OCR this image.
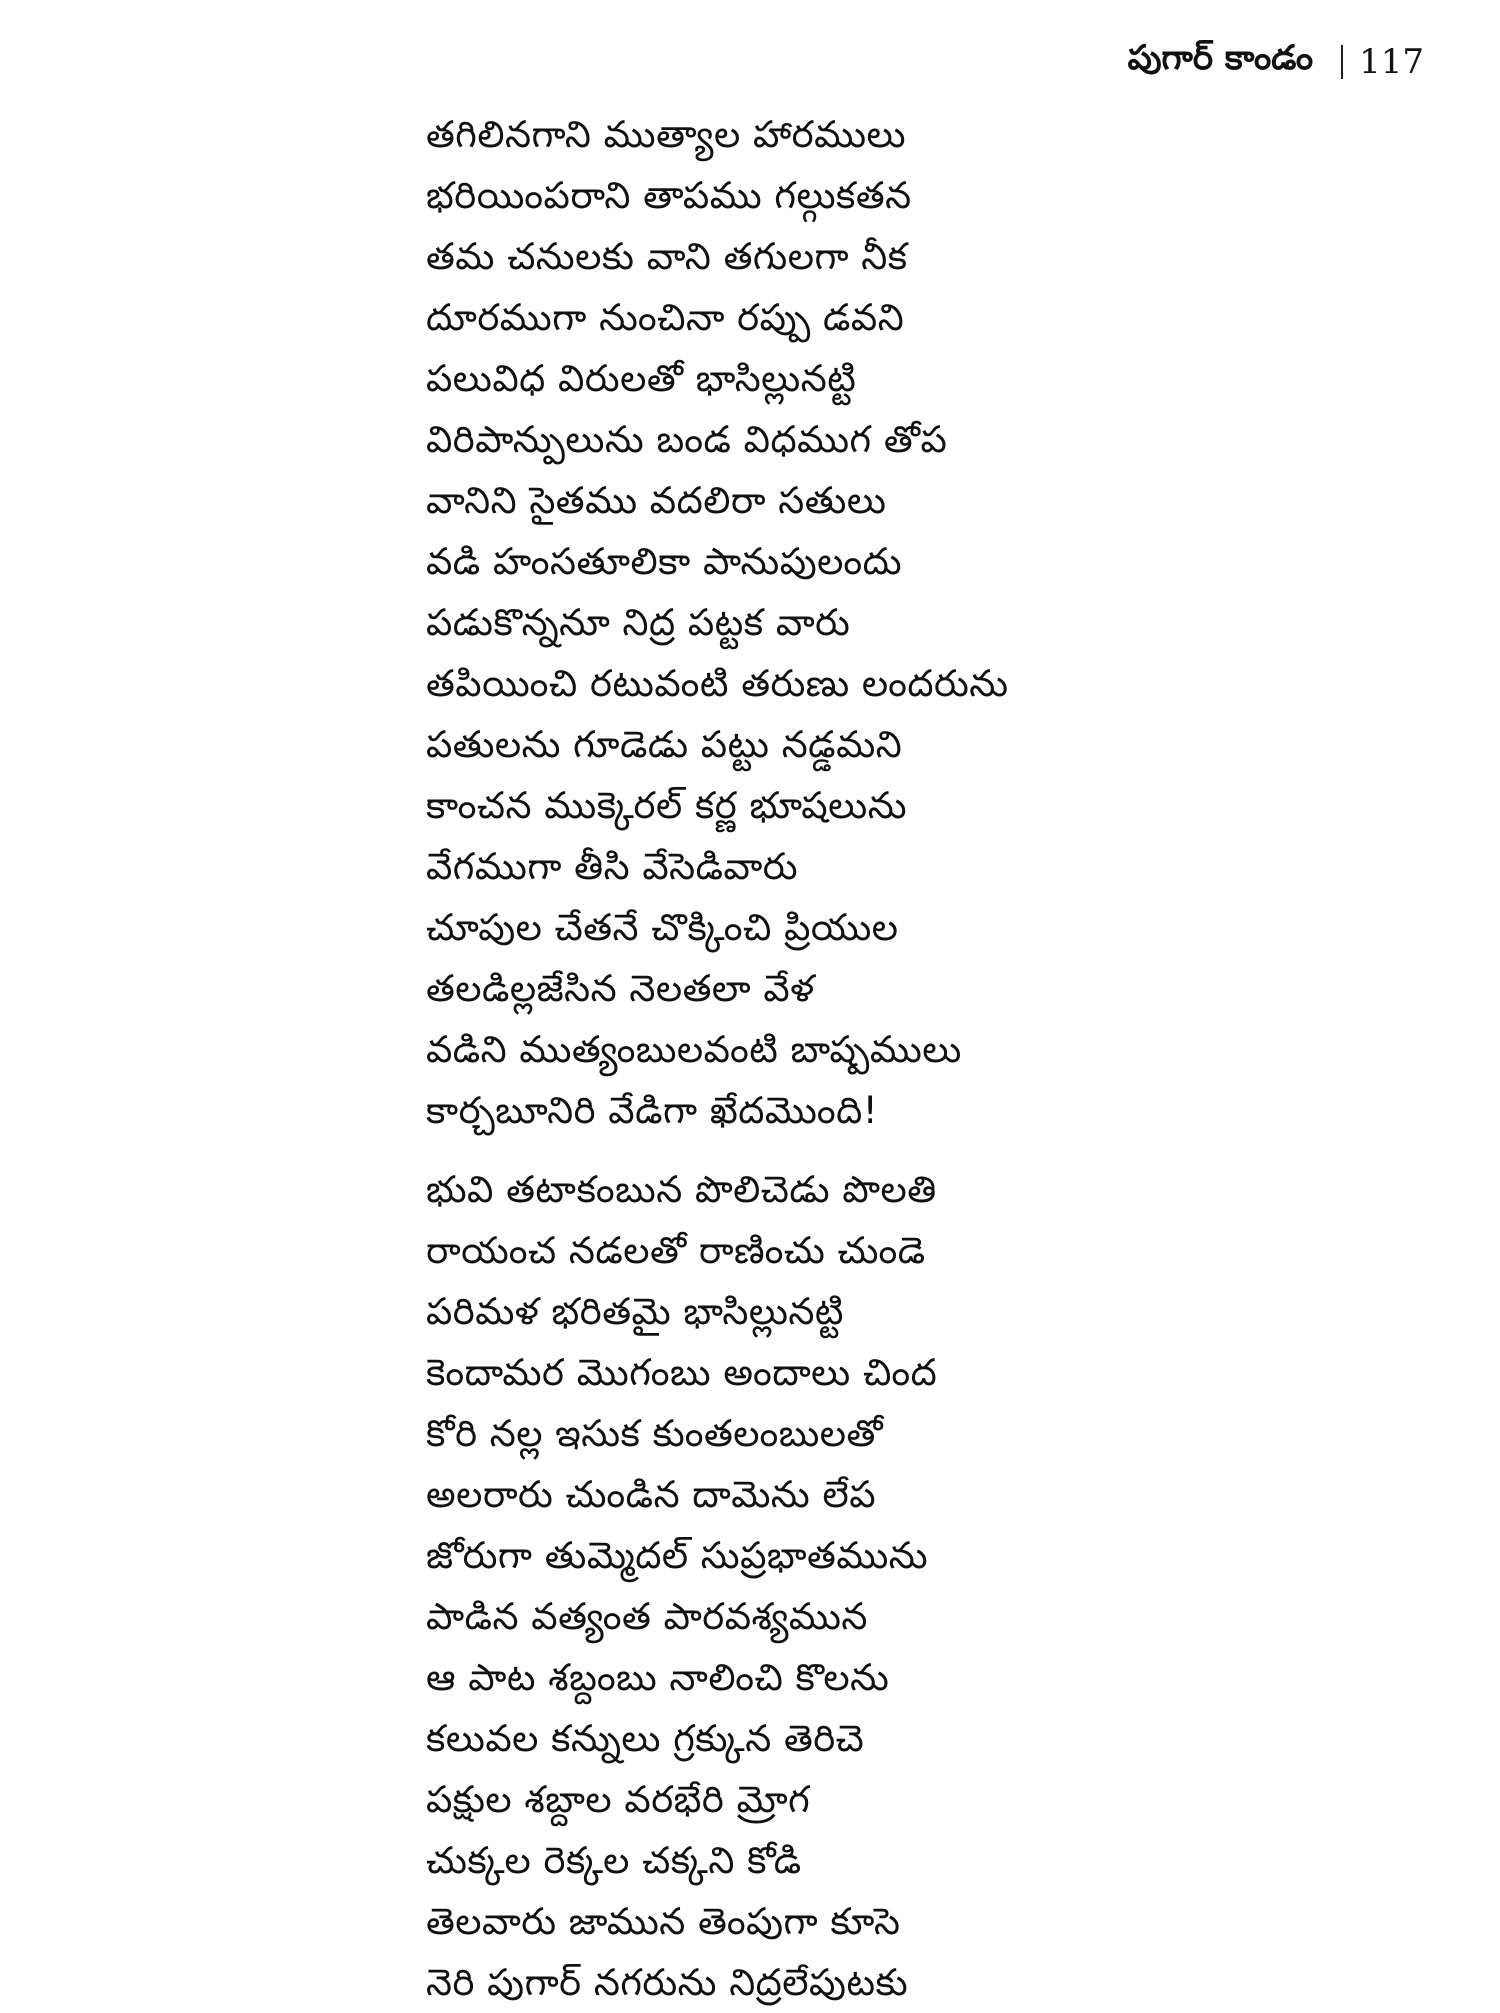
పుగార్ కాండం 117
తగిలినగాని ముత్యాల హారములు
భరియింపరాని తాపము గల్గుకతన
తమ చనులకు వాని తగులగా నీక
దూరముగా నుంచినా రప్పు డవని
పలువిధ విరులతో భాసిల్లునట్టి
విరిపాన్పులును బండ విధముగ తోప
వానిని సైతము వదలిరా సతులు
వడి హంసతూలికా పానుపులందు
పడుకొన్ననూ నిద్ర పట్టక వారు
తపియించి రటువంటి తరుణు లందరును
పతులను గూడెడు పట్టు నడ్డమని
కాంచన ముక్కెరల్ కర్ణ భూషలును
వేగముగా తీసి వేసెడివారు
చూపుల చేతనే చొక్కించి ప్రియుల
తలడిల్లజేసిన నెలతలా వేళ
వడిని ముత్యంబులవంటి బాష్పములు
కార్చబూనిరి వేడిగా ఖేదమొంది!
భువి తటాకంబున పొలిచెడు పొలతి
రాయంచ నడలతో రాణించు చుండె
పరిమళ భరితమై భాసిల్లునట్టి
కెందామర మొగంబు అందాలు చింద
కోరి నల్ల ఇసుక కుంతలంబులతో
అలరారు చుండిన దామెను లేప
జోరుగా తుమ్మెదల్ సుప్రభాతమును
పాడిన వత్యంత పారవశ్యమున
ఆ పాట శబ్దంబు నాలించి కొలను
కలువల కన్నులు గ్రక్కున తెరిచె
పక్షుల శబ్దాల వరభేరి మ్రోగ
చుక్కల రెక్కల చక్కని కోడి
తెలవారు జామున తెంపుగా కూసె
నెరి పుగార్ నగరును నిద్రలేపుటకు
